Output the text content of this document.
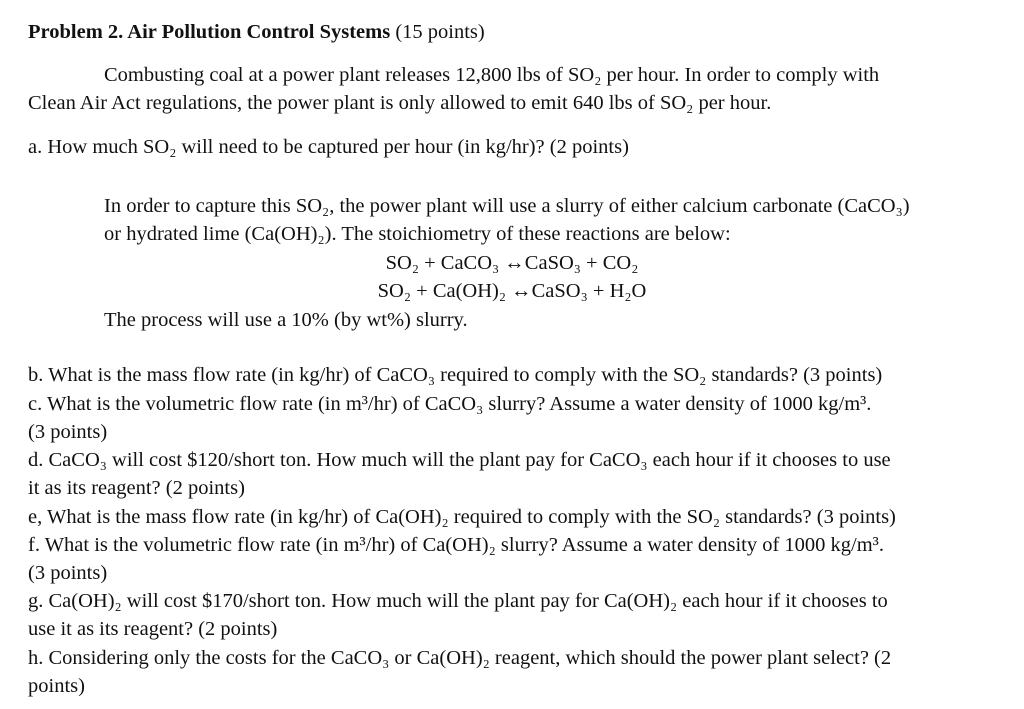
Problem 2. Air Pollution Control Systems (15 points)
Combusting coal at a power plant releases 12,800 lbs of SO₂ per hour. In order to comply with
Clean Air Act regulations, the power plant is only allowed to emit 640 lbs of SO₂ per hour.
a. How much SO₂ will need to be captured per hour (in kg/hr)? (2 points)
In order to capture this SO₂, the power plant will use a slurry of either calcium carbonate (CaCO₃)
or hydrated lime (Ca(OH)₂). The stoichiometry of these reactions are below:
SO₂ + CaCO₃ ↔CaSO₃ + CO₂
SO₂ + Ca(OH)₂ ↔CaSO₃ + H₂O
The process will use a 10% (by wt%) slurry.
b. What is the mass flow rate (in kg/hr) of CaCO₃ required to comply with the SO₂ standards? (3 points)
c. What is the volumetric flow rate (in m³/hr) of CaCO₃ slurry? Assume a water density of 1000 kg/m³.
(3 points)
d. CaCO₃ will cost $120/short ton. How much will the plant pay for CaCO₃ each hour if it chooses to use
it as its reagent? (2 points)
e, What is the mass flow rate (in kg/hr) of Ca(OH)₂ required to comply with the SO₂ standards? (3 points)
f. What is the volumetric flow rate (in m³/hr) of Ca(OH)₂ slurry? Assume a water density of 1000 kg/m³.
(3 points)
g. Ca(OH)₂ will cost $170/short ton. How much will the plant pay for Ca(OH)₂ each hour if it chooses to
use it as its reagent? (2 points)
h. Considering only the costs for the CaCO₃ or Ca(OH)₂ reagent, which should the power plant select? (2
points)
